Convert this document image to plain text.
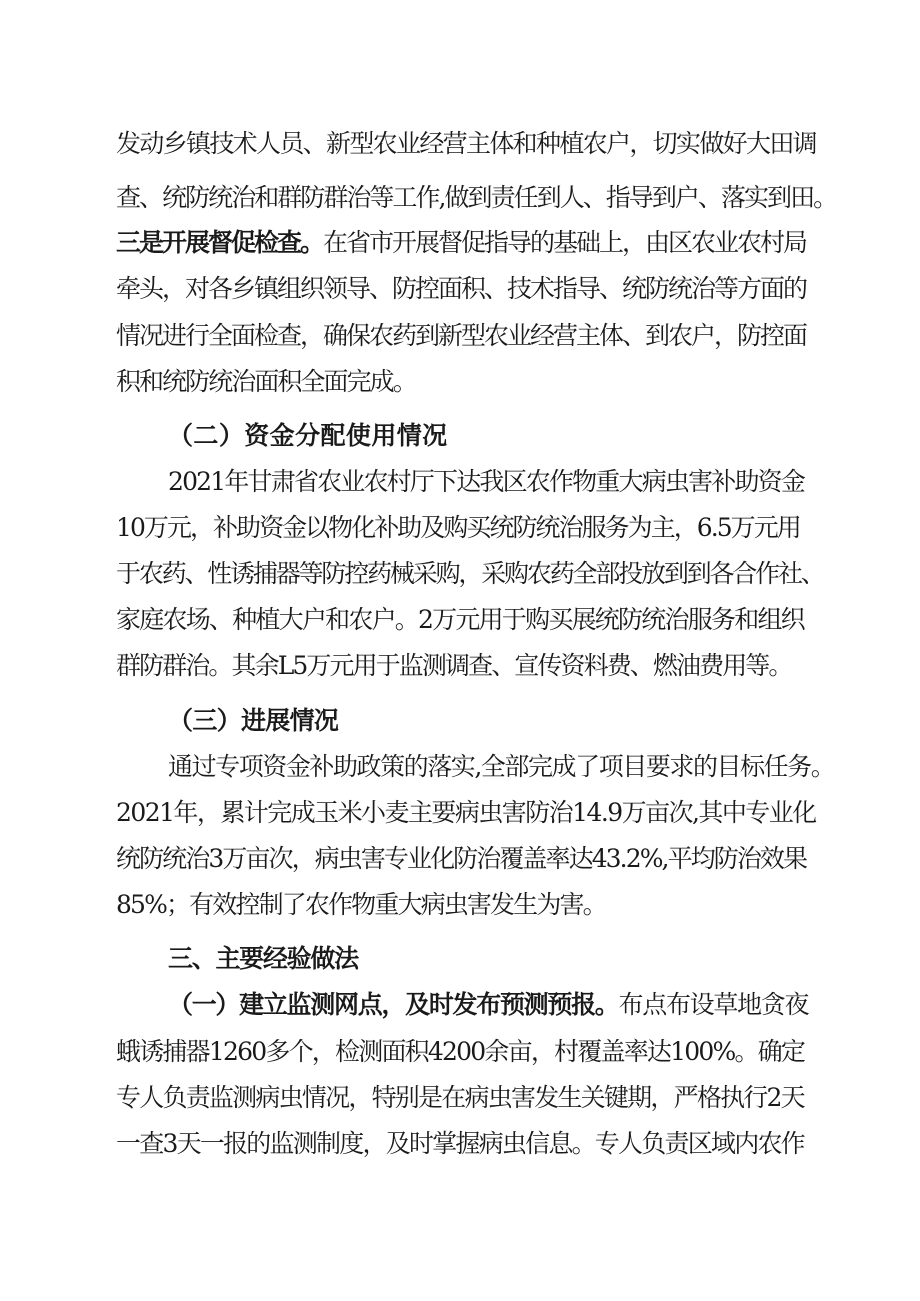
发动乡镇技术人员、新型农业经营主体和种植农户，切实做好大田调
查、统防统治和群防群治等工作,做到责任到人、指导到户、落实到田。
三是开展督促检查。在省市开展督促指导的基础上，由区农业农村局
牵头，对各乡镇组织领导、防控面积、技术指导、统防统治等方面的
情况进行全面检查，确保农药到新型农业经营主体、到农户，防控面
积和统防统治面积全面完成。
（二）资金分配使用情况
2021年甘肃省农业农村厅下达我区农作物重大病虫害补助资金
10万元，补助资金以物化补助及购买统防统治服务为主，6.5万元用
于农药、性诱捕器等防控药械采购，采购农药全部投放到到各合作社、
家庭农场、种植大户和农户。2万元用于购买展统防统治服务和组织
群防群治。其余L5万元用于监测调查、宣传资料费、燃油费用等。
（三）进展情况
通过专项资金补助政策的落实,全部完成了项目要求的目标任务。
2021年，累计完成玉米小麦主要病虫害防治14.9万亩次,其中专业化
统防统治3万亩次，病虫害专业化防治覆盖率达43.2%,平均防治效果
85%；有效控制了农作物重大病虫害发生为害。
三、主要经验做法
（一）建立监测网点，及时发布预测预报。布点布设草地贪夜
蛾诱捕器1260多个，检测面积4200余亩，村覆盖率达100%。确定
专人负责监测病虫情况，特别是在病虫害发生关键期，严格执行2天
一查3天一报的监测制度，及时掌握病虫信息。专人负责区域内农作
